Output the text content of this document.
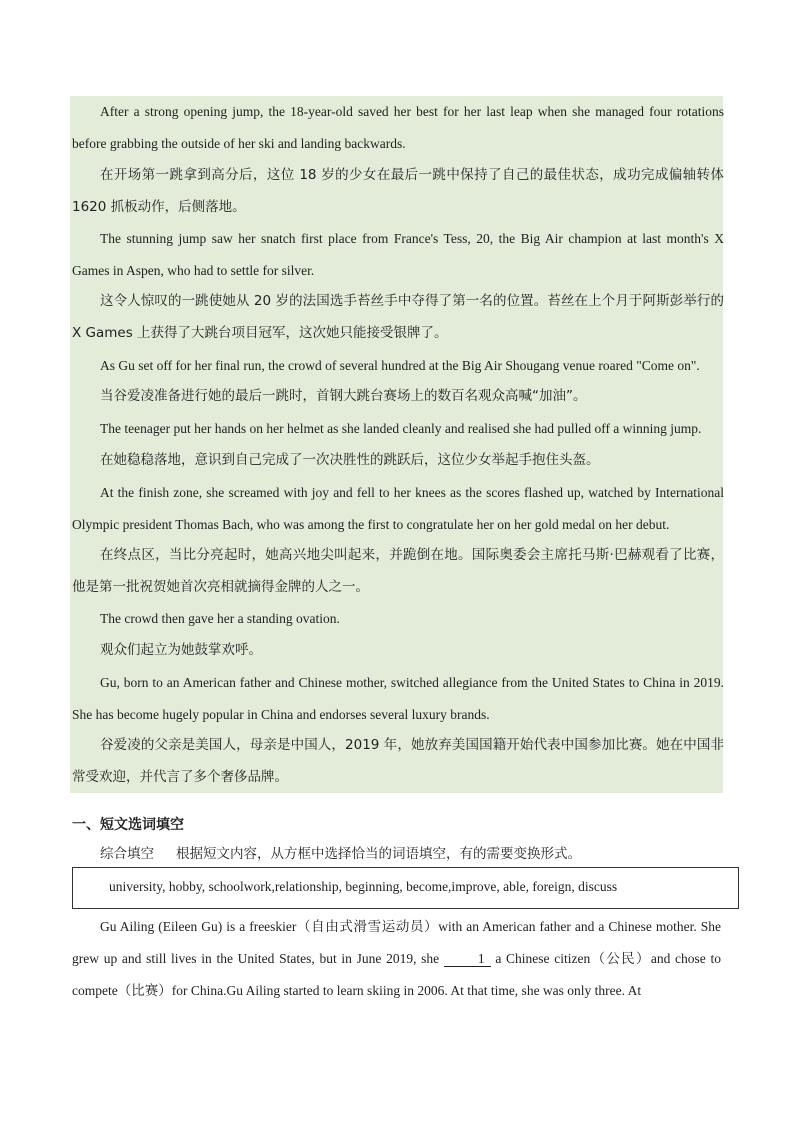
After a strong opening jump, the 18-year-old saved her best for her last leap when she managed four rotations before grabbing the outside of her ski and landing backwards.

在开场第一跳拿到高分后，这位 18 岁的少女在最后一跳中保持了自己的最佳状态，成功完成偏轴转体 1620 抓板动作，后侧落地。

The stunning jump saw her snatch first place from France's Tess, 20, the Big Air champion at last month's X Games in Aspen, who had to settle for silver.

这令人惊叹的一跳使她从 20 岁的法国选手苔丝手中夺得了第一名的位置。苔丝在上个月于阿斯彭举行的 X Games 上获得了大跳台项目冠军，这次她只能接受银牌了。

As Gu set off for her final run, the crowd of several hundred at the Big Air Shougang venue roared "Come on".

当谷爱凌准备进行她的最后一跳时，首钢大跳台赛场上的数百名观众高喊“加油”。

The teenager put her hands on her helmet as she landed cleanly and realised she had pulled off a winning jump.

在她稳稳落地，意识到自己完成了一次决胜性的跳跃后，这位少女举起手抱住头盔。

At the finish zone, she screamed with joy and fell to her knees as the scores flashed up, watched by International Olympic president Thomas Bach, who was among the first to congratulate her on her gold medal on her debut.

在终点区，当比分亮起时，她高兴地尖叫起来，并跪倒在地。国际奥委会主席托马斯·巴赫观看了比赛，他是第一批祝贺她首次亮相就摘得金牌的人之一。

The crowd then gave her a standing ovation.

观众们起立为她鼓掌欢呼。

Gu, born to an American father and Chinese mother, switched allegiance from the United States to China in 2019. She has become hugely popular in China and endorses several luxury brands.

谷爱凌的父亲是美国人，母亲是中国人，2019 年，她放弃美国国籍开始代表中国参加比赛。她在中国非常受欢迎，并代言了多个奢侈品牌。

一、短文选词填空

综合填空 根据短文内容，从方框中选择恰当的词语填空，有的需要变换形式。

university, hobby, schoolwork,relationship, beginning, become,improve, able, foreign, discuss

Gu Ailing (Eileen Gu) is a freeskier（自由式滑雪运动员）with an American father and a Chinese mother. She grew up and still lives in the United States, but in June 2019, she	1 a Chinese citizen（公民）and chose to compete（比赛）for China.Gu Ailing started to learn skiing in 2006. At that time, she was only three. At
